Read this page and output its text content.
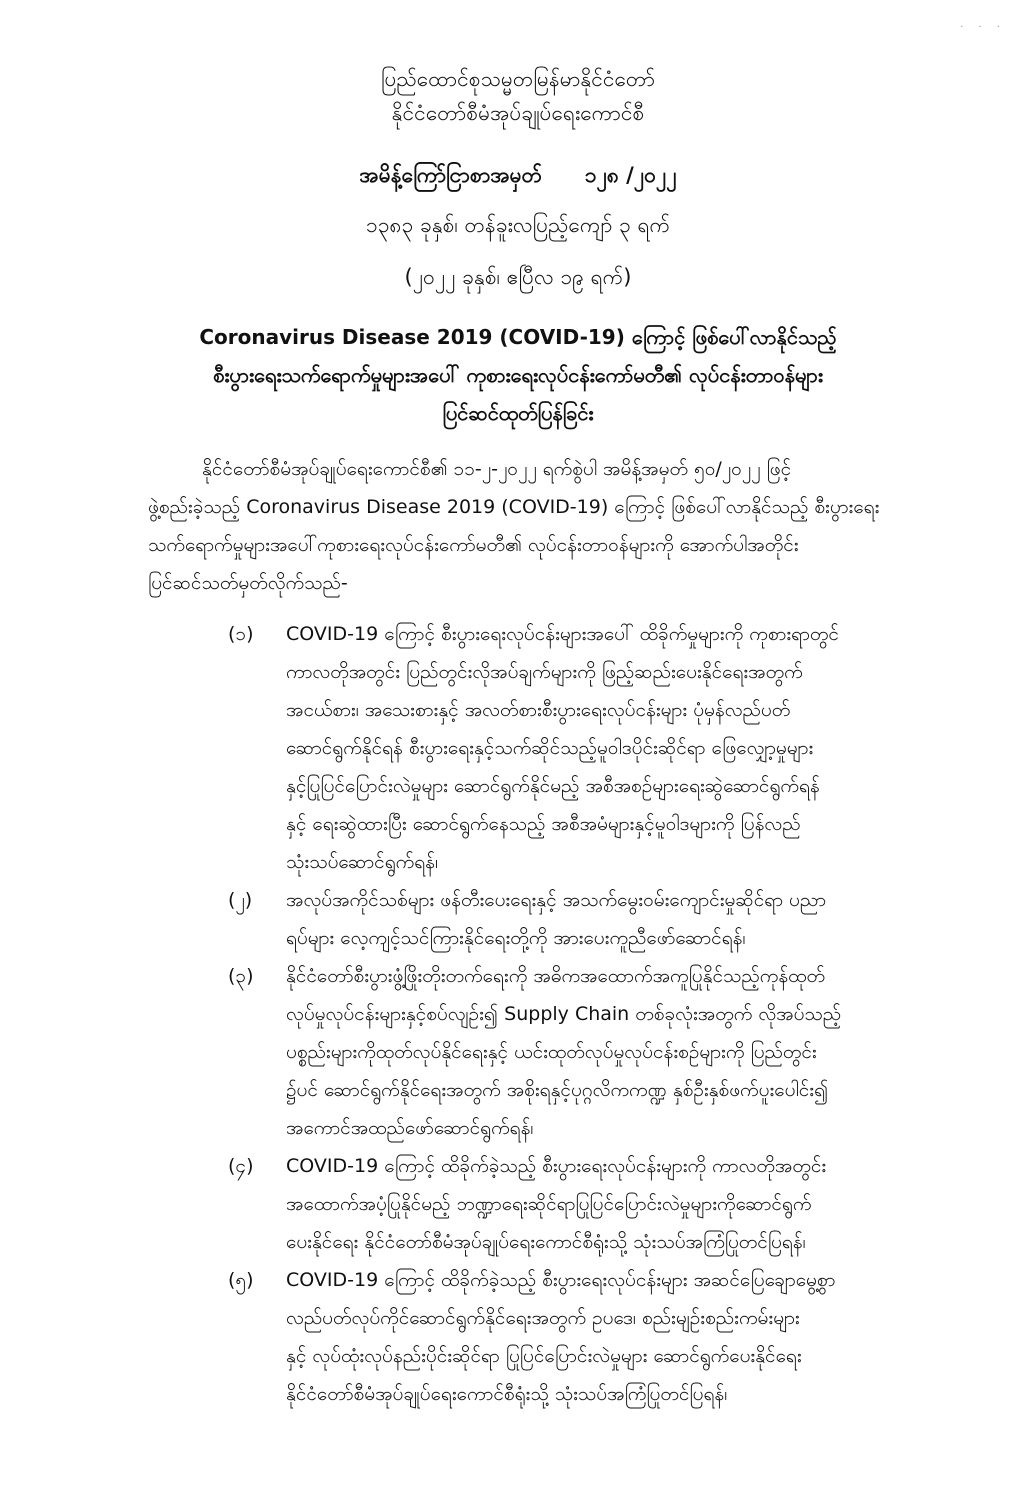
· · ·
ပြည်ထောင်စုသမ္မတမြန်မာနိုင်ငံတော်
နိုင်ငံတော်စီမံအုပ်ချုပ်ရေးကောင်စီ
အမိန့်ကြော်ငြာစာအမှတ် ၁၂၈ /၂၀၂၂
၁၃၈၃ ခုနှစ်၊ တန်ခူးလပြည့်ကျော် ၃ ရက်
(၂၀၂၂ ခုနှစ်၊ ဧပြီလ ၁၉ ရက်)
Coronavirus Disease 2019 (COVID-19) ကြောင့် ဖြစ်ပေါ်လာနိုင်သည့်
စီးပွားရေးသက်ရောက်မှုများအပေါ် ကုစားရေးလုပ်ငန်းကော်မတီ၏ လုပ်ငန်းတာဝန်များ
ပြင်ဆင်ထုတ်ပြန်ခြင်း
နိုင်ငံတော်စီမံအုပ်ချုပ်ရေးကောင်စီ၏ ၁၁-၂-၂၀၂၂ ရက်စွဲပါ အမိန့်အမှတ် ၅၀/၂၀၂၂ ဖြင့်
ဖွဲ့စည်းခဲ့သည့် Coronavirus Disease 2019 (COVID-19) ကြောင့် ဖြစ်ပေါ်လာနိုင်သည့် စီးပွားရေး
သက်ရောက်မှုများအပေါ်ကုစားရေးလုပ်ငန်းကော်မတီ၏ လုပ်ငန်းတာဝန်များကို အောက်ပါအတိုင်း
ပြင်ဆင်သတ်မှတ်လိုက်သည်-
(၁) COVID-19 ကြောင့် စီးပွားရေးလုပ်ငန်းများအပေါ် ထိခိုက်မှုများကို ကုစားရာတွင်
ကာလတိုအတွင်း ပြည်တွင်းလိုအပ်ချက်များကို ဖြည့်ဆည်းပေးနိုင်ရေးအတွက်
အငယ်စား၊ အသေးစားနှင့် အလတ်စားစီးပွားရေးလုပ်ငန်းများ ပုံမှန်လည်ပတ်
ဆောင်ရွက်နိုင်ရန် စီးပွားရေးနှင့်သက်ဆိုင်သည့်မူဝါဒပိုင်းဆိုင်ရာ ဖြေလျှော့မှုများ
နှင့်ပြုပြင်ပြောင်းလဲမှုများ ဆောင်ရွက်နိုင်မည့် အစီအစဉ်များရေးဆွဲဆောင်ရွက်ရန်
နှင့် ရေးဆွဲထားပြီး ဆောင်ရွက်နေသည့် အစီအမံများနှင့်မူဝါဒများကို ပြန်လည်
သုံးသပ်ဆောင်ရွက်ရန်၊
(၂) အလုပ်အကိုင်သစ်များ ဖန်တီးပေးရေးနှင့် အသက်မွေးဝမ်းကျောင်းမှုဆိုင်ရာ ပညာ
ရပ်များ လေ့ကျင့်သင်ကြားနိုင်ရေးတို့ကို အားပေးကူညီဖော်ဆောင်ရန်၊
(၃) နိုင်ငံတော်စီးပွားဖွံ့ဖြိုးတိုးတက်ရေးကို အဓိကအထောက်အကူပြုနိုင်သည့်ကုန်ထုတ်
လုပ်မှုလုပ်ငန်းများနှင့်စပ်လျဉ်း၍ Supply Chain တစ်ခုလုံးအတွက် လိုအပ်သည့်
ပစ္စည်းများကိုထုတ်လုပ်နိုင်ရေးနှင့် ယင်းထုတ်လုပ်မှုလုပ်ငန်းစဉ်များကို ပြည်တွင်း
၌ပင် ဆောင်ရွက်နိုင်ရေးအတွက် အစိုးရနှင့်ပုဂ္ဂလိကကဏ္ဍ နှစ်ဦးနှစ်ဖက်ပူးပေါင်း၍
အကောင်အထည်ဖော်ဆောင်ရွက်ရန်၊
(၄) COVID-19 ကြောင့် ထိခိုက်ခဲ့သည့် စီးပွားရေးလုပ်ငန်းများကို ကာလတိုအတွင်း
အထောက်အပံ့ပြုနိုင်မည့် ဘဏ္ဍာရေးဆိုင်ရာပြုပြင်ပြောင်းလဲမှုများကိုဆောင်ရွက်
ပေးနိုင်ရေး နိုင်ငံတော်စီမံအုပ်ချုပ်ရေးကောင်စီရုံးသို့ သုံးသပ်အကြံပြုတင်ပြရန်၊
(၅) COVID-19 ကြောင့် ထိခိုက်ခဲ့သည့် စီးပွားရေးလုပ်ငန်းများ အဆင်ပြေချောမွေ့စွာ
လည်ပတ်လုပ်ကိုင်ဆောင်ရွက်နိုင်ရေးအတွက် ဥပဒေ၊ စည်းမျဉ်းစည်းကမ်းများ
နှင့် လုပ်ထုံးလုပ်နည်းပိုင်းဆိုင်ရာ ပြုပြင်ပြောင်းလဲမှုများ ဆောင်ရွက်ပေးနိုင်ရေး
နိုင်ငံတော်စီမံအုပ်ချုပ်ရေးကောင်စီရုံးသို့ သုံးသပ်အကြံပြုတင်ပြရန်၊
